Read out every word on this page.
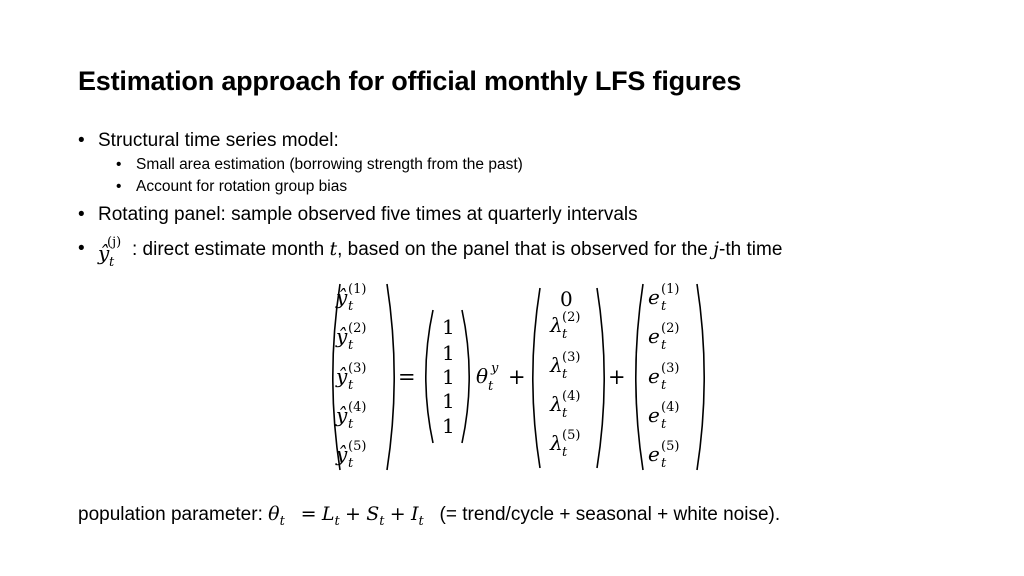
Estimation approach for official monthly LFS figures
• Structural time series model:
• Small area estimation (borrowing strength from the past)
• Account for rotation group bias
• Rotating panel: sample observed five times at quarterly intervals
• ŷ
(j)
t
: direct estimate month t, based on the panel that is observed for the j-th time
ŷ (1)
t
ŷ (2)
t
ŷ (3)
t
ŷ (4)
t
ŷ (5)
t
=
1
1
1
1
1
θ y
t +
0
λ (2)
t
λ (3)
t
λ (4)
t
λ (5)
t
+
e (1)
t
e (2)
t
e (3)
t
e (4)
t
e (5)
t
population parameter: $\theta_t = L_t + S_t + I_t$ (= trend/cycle + seasonal + white noise).
